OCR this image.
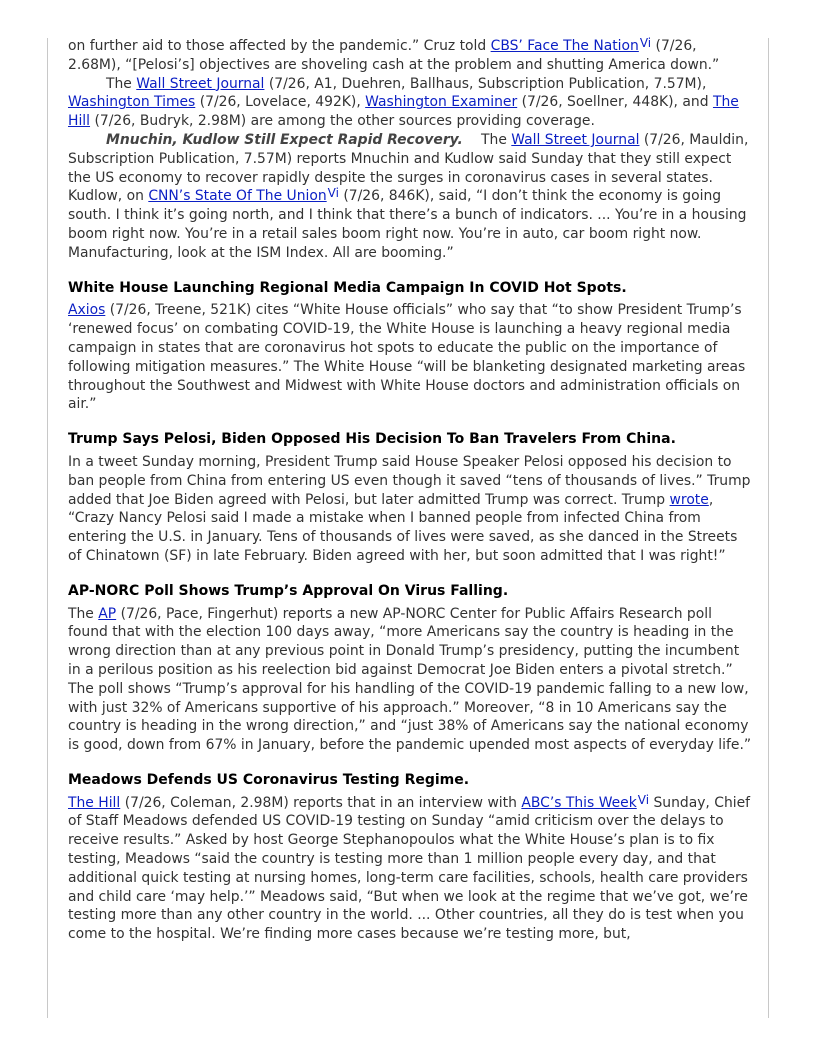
on further aid to those affected by the pandemic.” Cruz told CBS’ Face The NationVi (7/26, 2.68M), “[Pelosi’s] objectives are shoveling cash at the problem and shutting America down.”

The Wall Street Journal (7/26, A1, Duehren, Ballhaus, Subscription Publication, 7.57M), Washington Times (7/26, Lovelace, 492K), Washington Examiner (7/26, Soellner, 448K), and The Hill (7/26, Budryk, 2.98M) are among the other sources providing coverage.

Mnuchin, Kudlow Still Expect Rapid Recovery.  The Wall Street Journal (7/26, Mauldin, Subscription Publication, 7.57M) reports Mnuchin and Kudlow said Sunday that they still expect the US economy to recover rapidly despite the surges in coronavirus cases in several states. Kudlow, on CNN’s State Of The UnionVi (7/26, 846K), said, “I don’t think the economy is going south. I think it’s going north, and I think that there’s a bunch of indicators. ... You’re in a housing boom right now. You’re in a retail sales boom right now. You’re in auto, car boom right now. Manufacturing, look at the ISM Index. All are booming.”

White House Launching Regional Media Campaign In COVID Hot Spots.

Axios (7/26, Treene, 521K) cites “White House officials” who say that “to show President Trump’s ‘renewed focus’ on combating COVID-19, the White House is launching a heavy regional media campaign in states that are coronavirus hot spots to educate the public on the importance of following mitigation measures.” The White House “will be blanketing designated marketing areas throughout the Southwest and Midwest with White House doctors and administration officials on air.”

Trump Says Pelosi, Biden Opposed His Decision To Ban Travelers From China.

In a tweet Sunday morning, President Trump said House Speaker Pelosi opposed his decision to ban people from China from entering US even though it saved “tens of thousands of lives.” Trump added that Joe Biden agreed with Pelosi, but later admitted Trump was correct. Trump wrote, “Crazy Nancy Pelosi said I made a mistake when I banned people from infected China from entering the U.S. in January. Tens of thousands of lives were saved, as she danced in the Streets of Chinatown (SF) in late February. Biden agreed with her, but soon admitted that I was right!”

AP-NORC Poll Shows Trump’s Approval On Virus Falling.

The AP (7/26, Pace, Fingerhut) reports a new AP-NORC Center for Public Affairs Research poll found that with the election 100 days away, “more Americans say the country is heading in the wrong direction than at any previous point in Donald Trump’s presidency, putting the incumbent in a perilous position as his reelection bid against Democrat Joe Biden enters a pivotal stretch.” The poll shows “Trump’s approval for his handling of the COVID-19 pandemic falling to a new low, with just 32% of Americans supportive of his approach.” Moreover, “8 in 10 Americans say the country is heading in the wrong direction,” and “just 38% of Americans say the national economy is good, down from 67% in January, before the pandemic upended most aspects of everyday life.”

Meadows Defends US Coronavirus Testing Regime.

The Hill (7/26, Coleman, 2.98M) reports that in an interview with ABC’s This WeekVi Sunday, Chief of Staff Meadows defended US COVID-19 testing on Sunday “amid criticism over the delays to receive results.” Asked by host George Stephanopoulos what the White House’s plan is to fix testing, Meadows “said the country is testing more than 1 million people every day, and that additional quick testing at nursing homes, long-term care facilities, schools, health care providers and child care ‘may help.’” Meadows said, “But when we look at the regime that we’ve got, we’re testing more than any other country in the world. ... Other countries, all they do is test when you come to the hospital. We’re finding more cases because we’re testing more, but,
